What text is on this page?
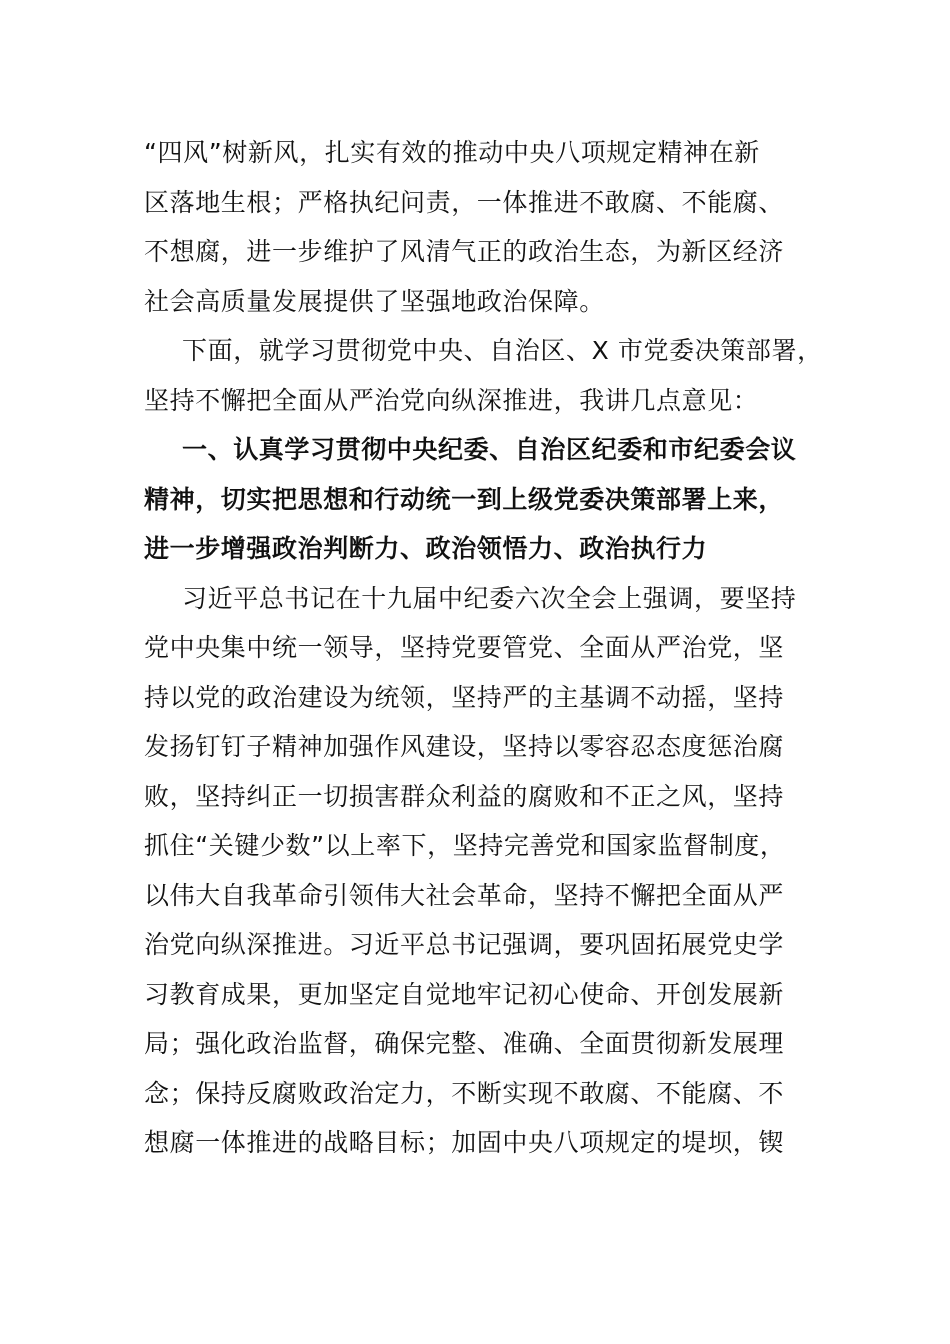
“四风”树新风，扎实有效的推动中央八项规定精神在新
区落地生根；严格执纪问责，一体推进不敢腐、不能腐、
不想腐，进一步维护了风清气正的政治生态，为新区经济
社会高质量发展提供了坚强地政治保障。
下面，就学习贯彻党中央、自治区、X 市党委决策部署，
坚持不懈把全面从严治党向纵深推进，我讲几点意见：
一、认真学习贯彻中央纪委、自治区纪委和市纪委会议
精神，切实把思想和行动统一到上级党委决策部署上来，
进一步增强政治判断力、政治领悟力、政治执行力
习近平总书记在十九届中纪委六次全会上强调，要坚持
党中央集中统一领导，坚持党要管党、全面从严治党，坚
持以党的政治建设为统领，坚持严的主基调不动摇，坚持
发扬钉钉子精神加强作风建设，坚持以零容忍态度惩治腐
败，坚持纠正一切损害群众利益的腐败和不正之风，坚持
抓住“关键少数”以上率下，坚持完善党和国家监督制度，
以伟大自我革命引领伟大社会革命，坚持不懈把全面从严
治党向纵深推进。习近平总书记强调，要巩固拓展党史学
习教育成果，更加坚定自觉地牢记初心使命、开创发展新
局；强化政治监督，确保完整、准确、全面贯彻新发展理
念；保持反腐败政治定力，不断实现不敢腐、不能腐、不
想腐一体推进的战略目标；加固中央八项规定的堤坝，锲
